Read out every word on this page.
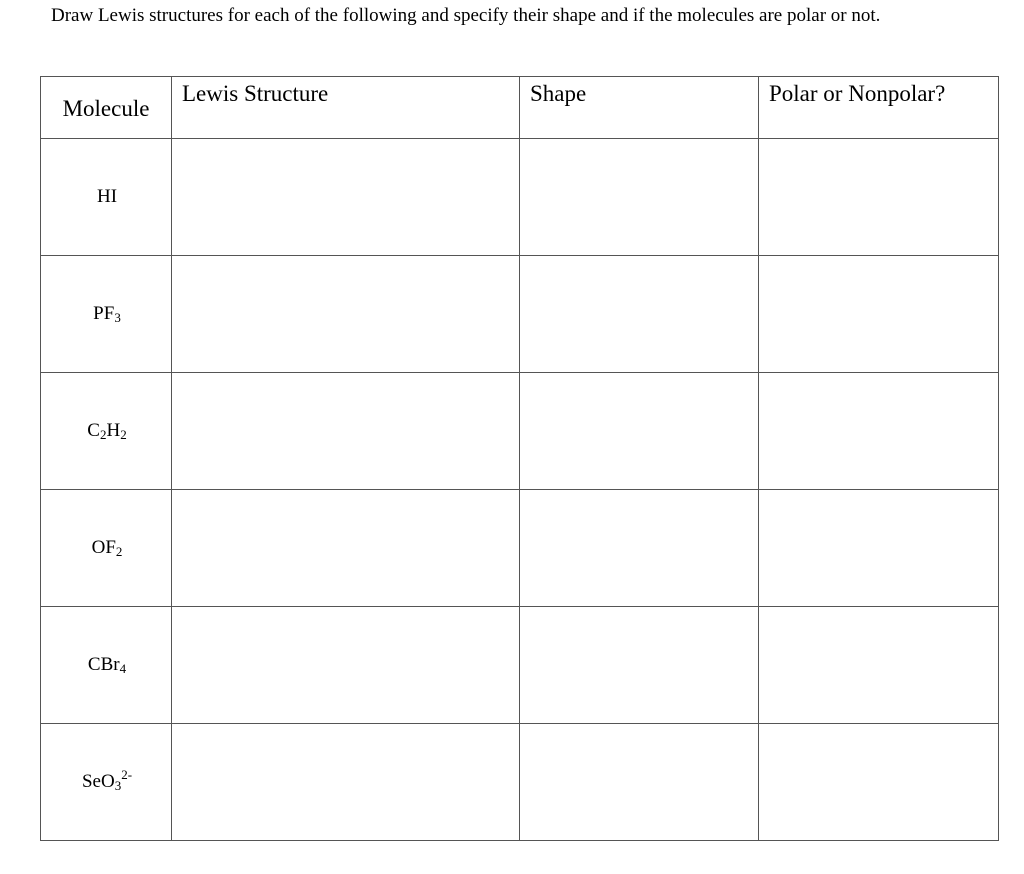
Draw Lewis structures for each of the following and specify their shape and if the molecules are polar or not.

Molecule	Lewis Structure	Shape	Polar or Nonpolar?
HI			
$PF_3$			
$C_2H_2$			
$OF_2$			
CBr$_4$			
SeO$_3^{2-}$			
